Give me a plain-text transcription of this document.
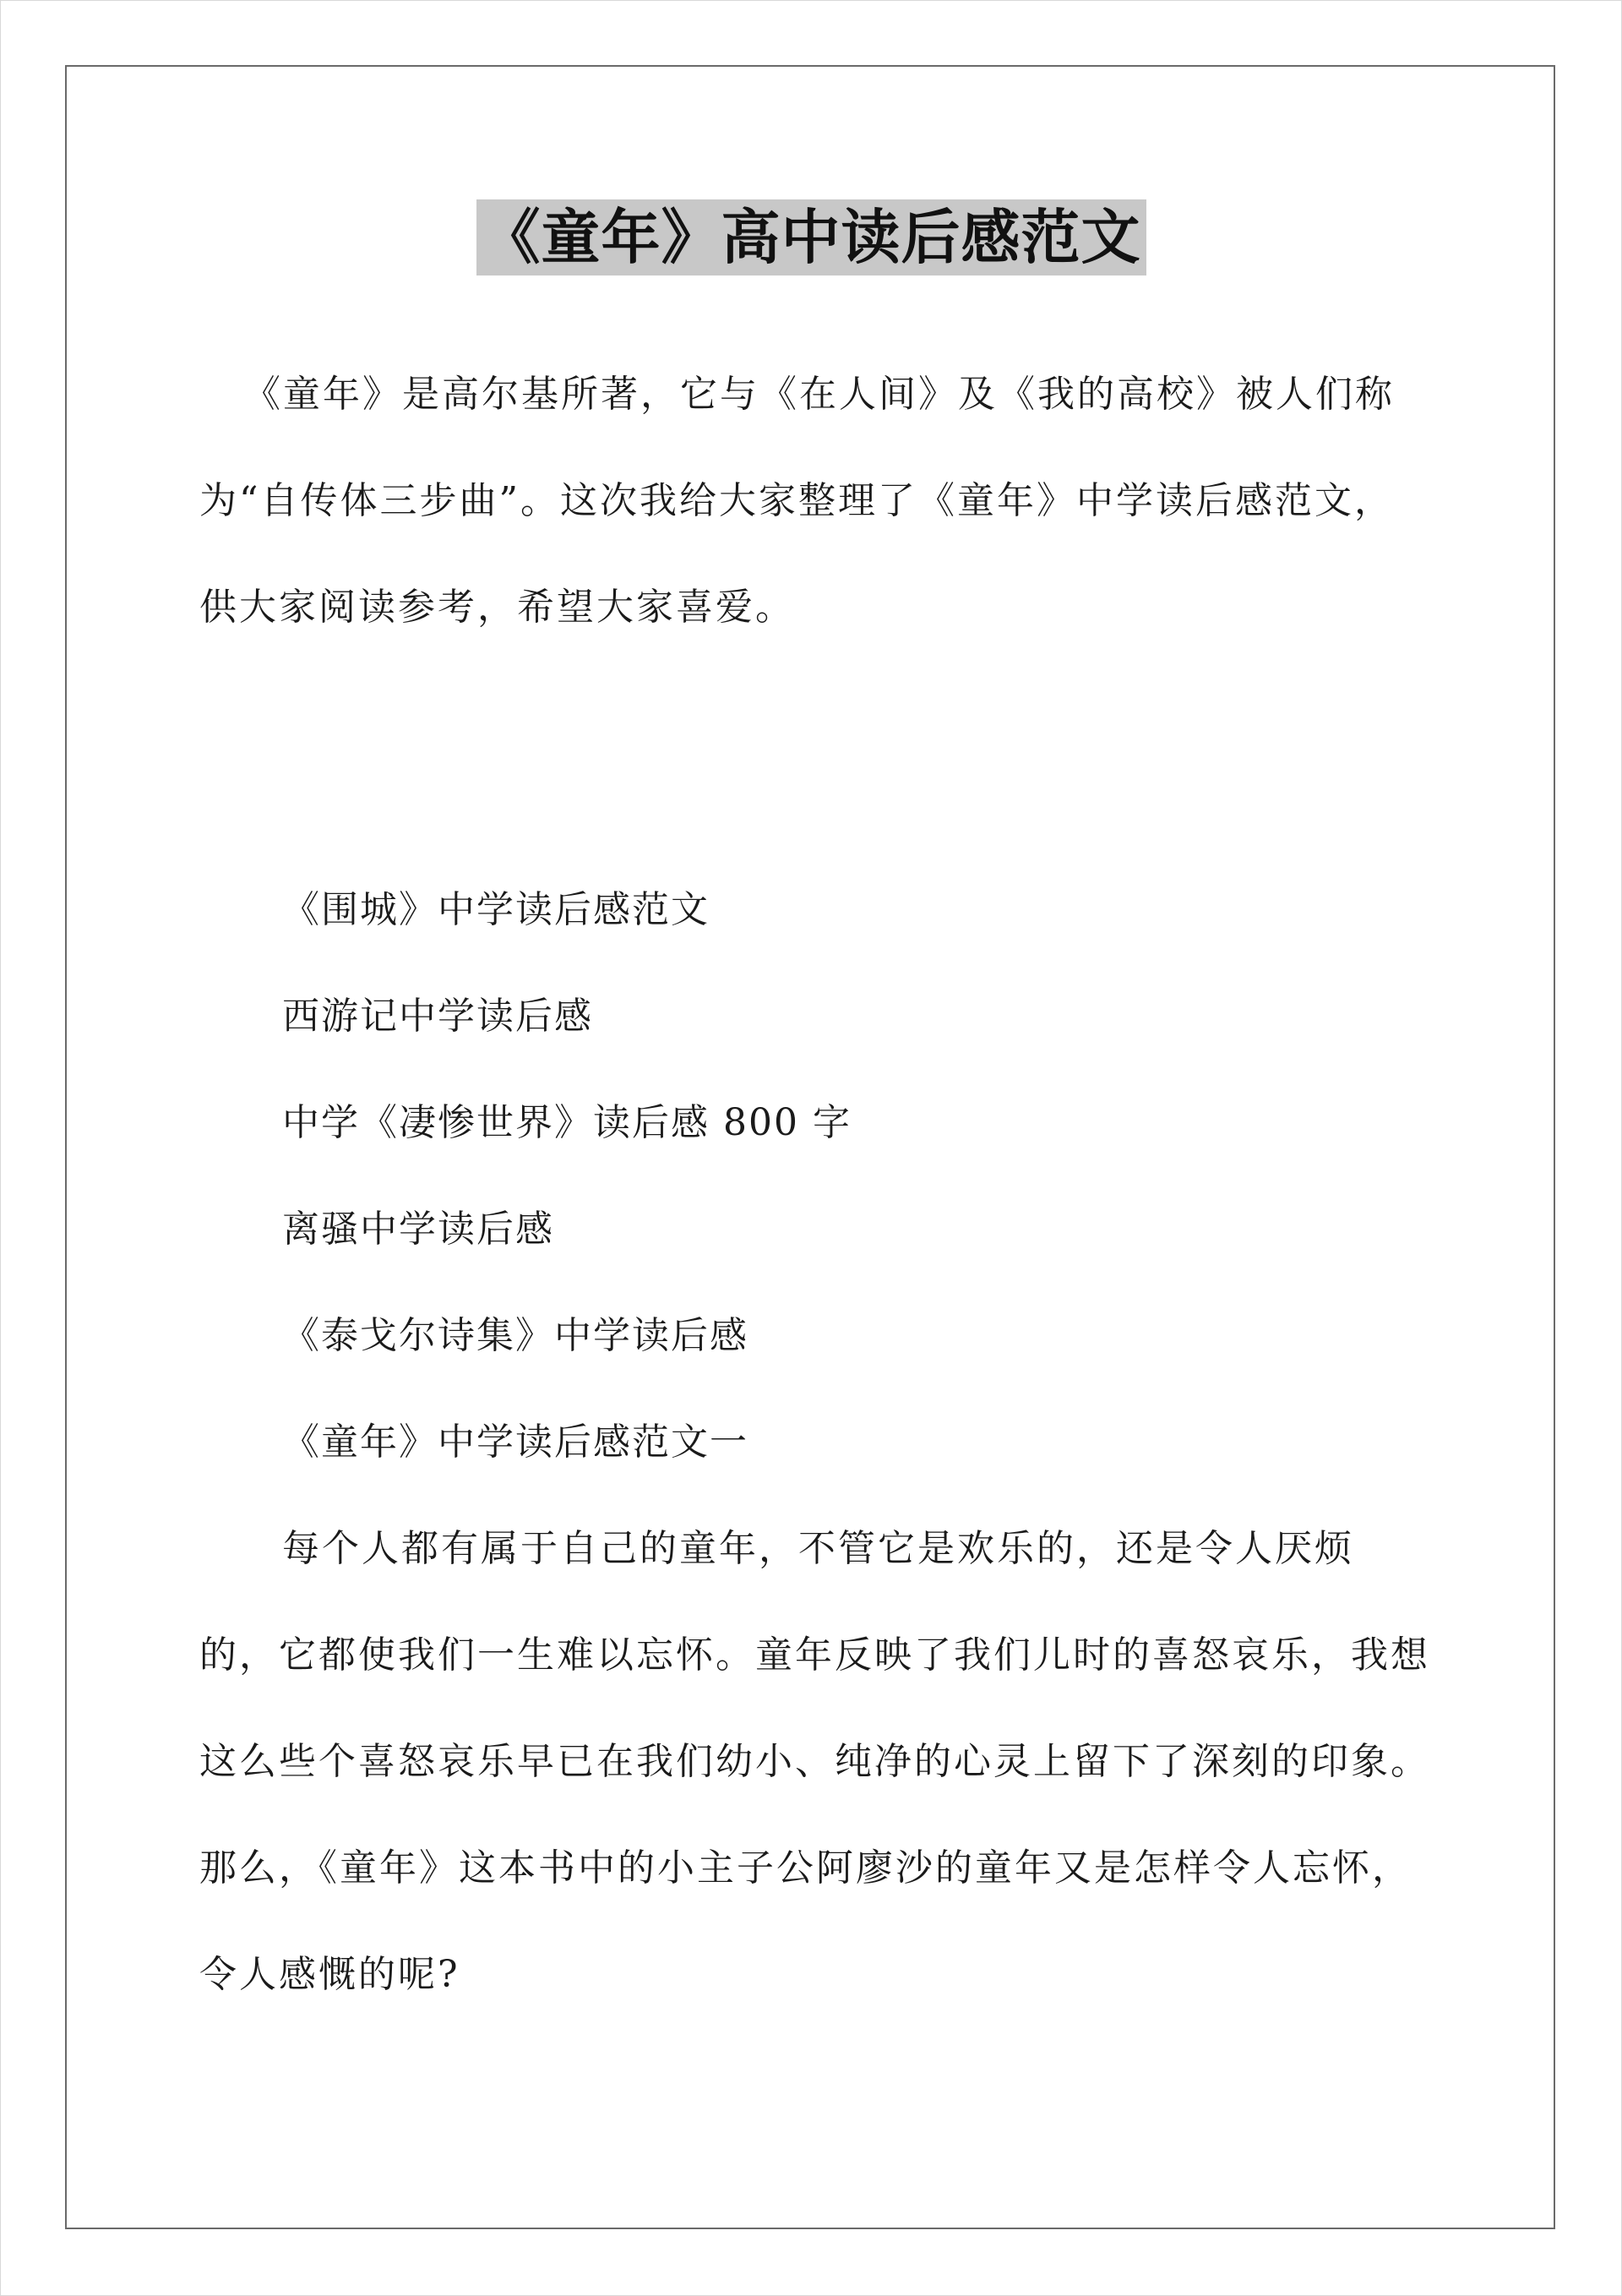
《童年》高中读后感范文

《童年》是高尔基所著，它与《在人间》及《我的高校》被人们称为“自传体三步曲”。这次我给大家整理了《童年》中学读后感范文，供大家阅读参考，希望大家喜爱。

《围城》中学读后感范文
西游记中学读后感
中学《凄惨世界》读后感 800 字
离骚中学读后感
《泰戈尔诗集》中学读后感
《童年》中学读后感范文一

每个人都有属于自己的童年，不管它是欢乐的，还是令人厌烦的，它都使我们一生难以忘怀。童年反映了我们儿时的喜怒哀乐，我想这么些个喜怒哀乐早已在我们幼小、纯净的心灵上留下了深刻的印象。那么，《童年》这本书中的小主子公阿廖沙的童年又是怎样令人忘怀，令人感慨的呢?
